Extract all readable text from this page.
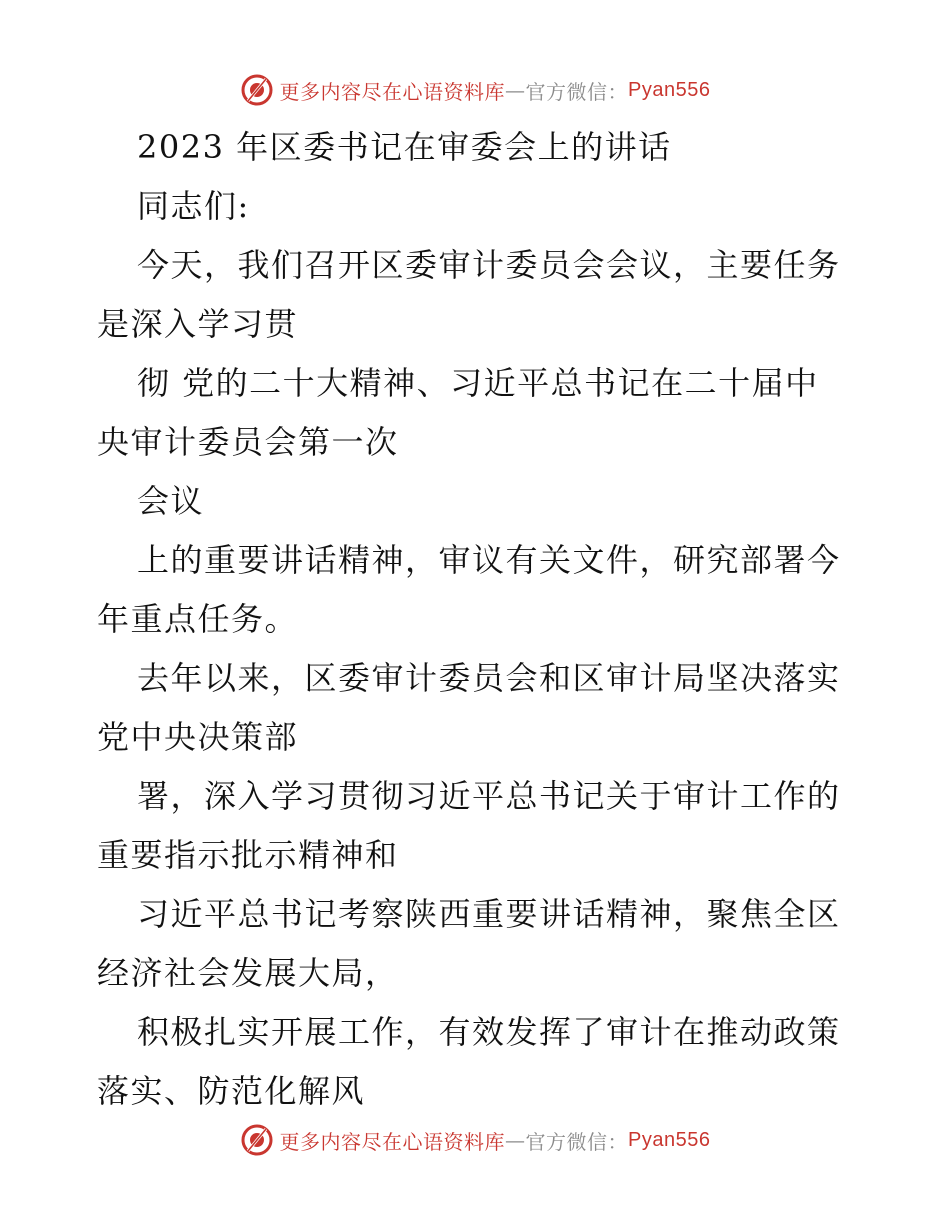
更多内容尽在心语资料库 — 官方微信： Pyan556
2023 年区委书记在审委会上的讲话
同志们:
今天，我们召开区委审计委员会会议，主要任务
是深入学习贯
彻 党的二十大精神、习近平总书记在二十届中
央审计委员会第一次
会议
上的重要讲话精神，审议有关文件，研究部署今
年重点任务。
去年以来，区委审计委员会和区审计局坚决落实
党中央决策部
署，深入学习贯彻习近平总书记关于审计工作的
重要指示批示精神和
习近平总书记考察陕西重要讲话精神，聚焦全区
经济社会发展大局，
积极扎实开展工作，有效发挥了审计在推动政策
落实、防范化解风
更多内容尽在心语资料库 — 官方微信： Pyan556
